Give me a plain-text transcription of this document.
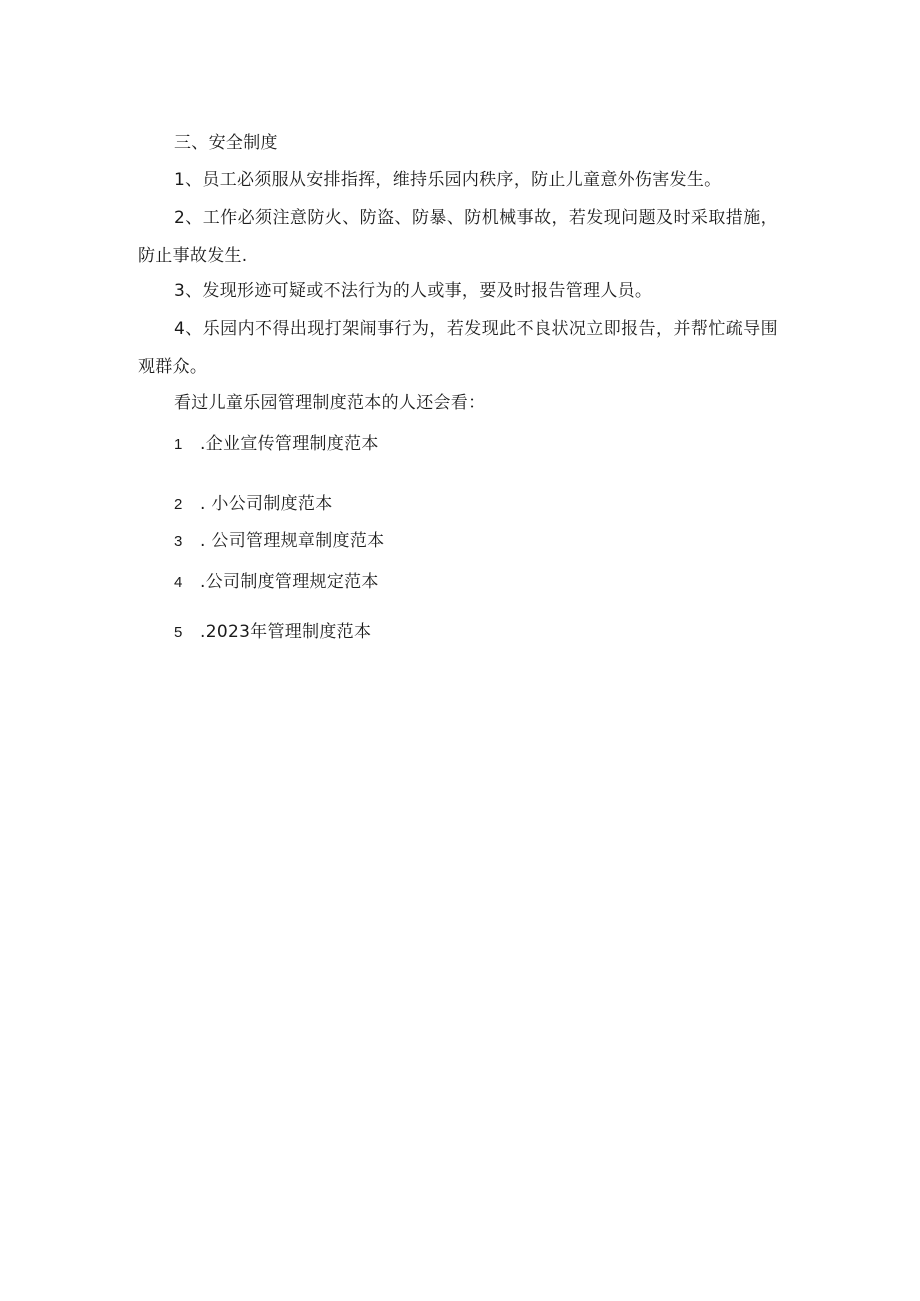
三、安全制度
1、员工必须服从安排指挥，维持乐园内秩序，防止儿童意外伤害发生。
2、工作必须注意防火、防盗、防暴、防机械事故，若发现问题及时采取措施，防止事故发生.
3、发现形迹可疑或不法行为的人或事，要及时报告管理人员。
4、乐园内不得出现打架闹事行为，若发现此不良状况立即报告，并帮忙疏导围观群众。
看过儿童乐园管理制度范本的人还会看：
1 .企业宣传管理制度范本
2 . 小公司制度范本
3 . 公司管理规章制度范本
4 .公司制度管理规定范本
5 .2023年管理制度范本
